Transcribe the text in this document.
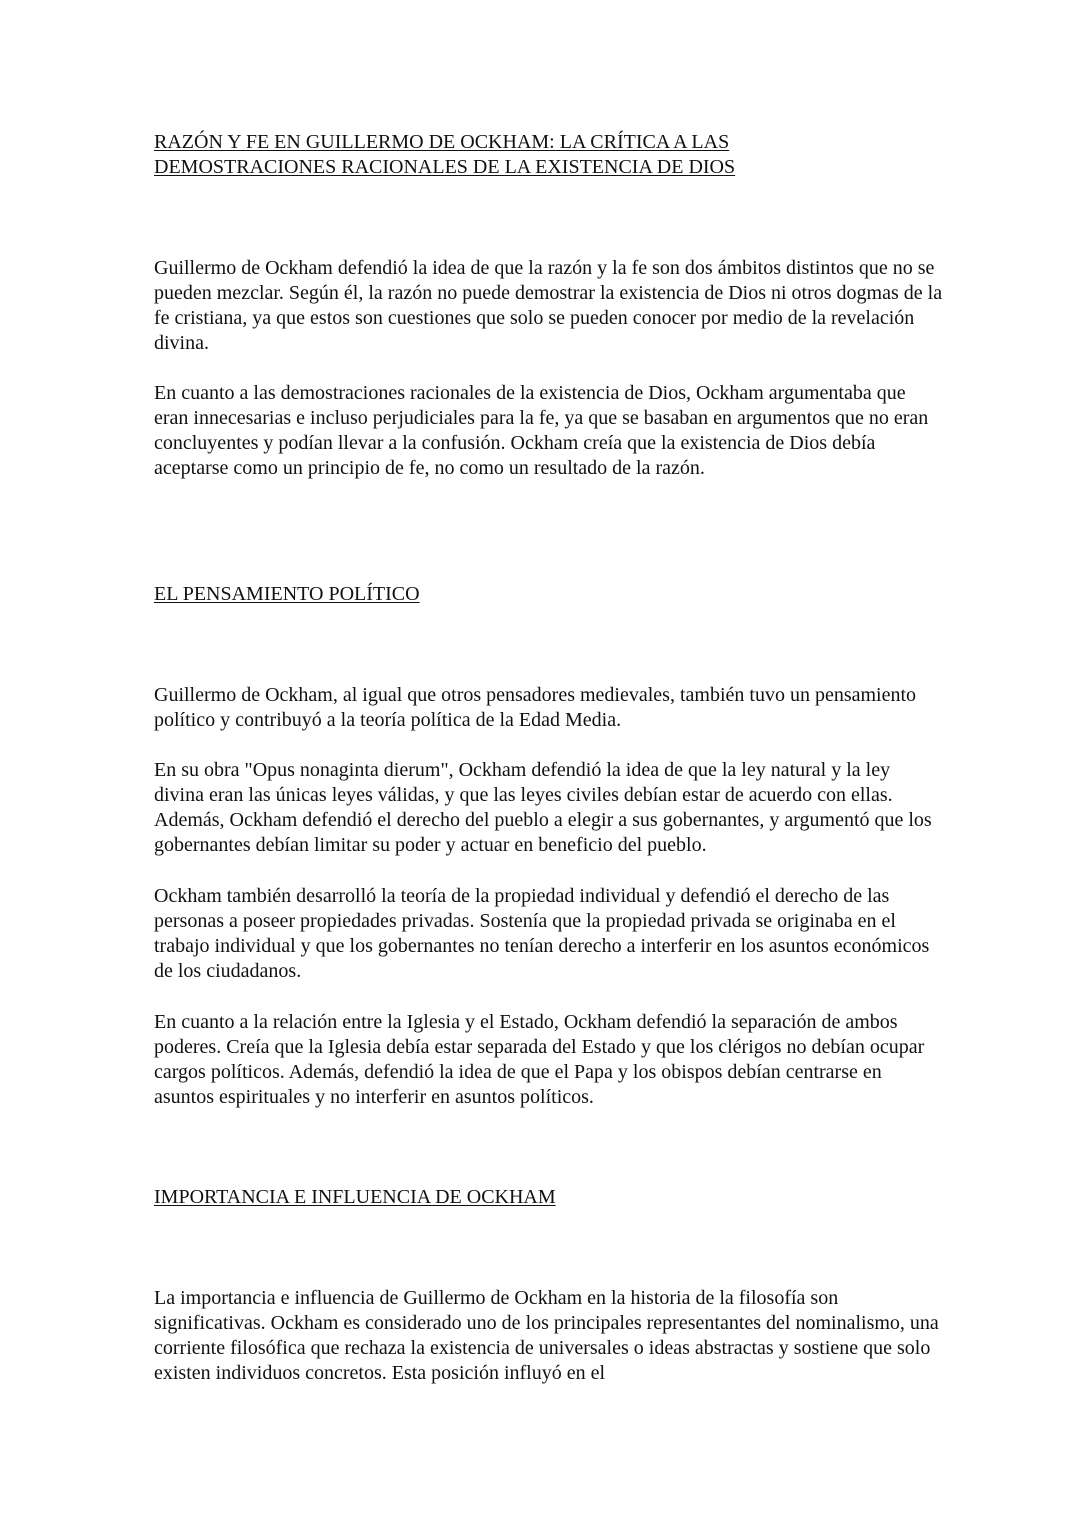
RAZÓN Y FE EN GUILLERMO DE OCKHAM: LA CRÍTICA A LAS
DEMOSTRACIONES RACIONALES DE LA EXISTENCIA DE DIOS

Guillermo de Ockham defendió la idea de que la razón y la fe son dos ámbitos distintos que no se pueden mezclar. Según él, la razón no puede demostrar la existencia de Dios ni otros dogmas de la fe cristiana, ya que estos son cuestiones que solo se pueden conocer por medio de la revelación divina.

En cuanto a las demostraciones racionales de la existencia de Dios, Ockham argumentaba que eran innecesarias e incluso perjudiciales para la fe, ya que se basaban en argumentos que no eran concluyentes y podían llevar a la confusión. Ockham creía que la existencia de Dios debía aceptarse como un principio de fe, no como un resultado de la razón.

EL PENSAMIENTO POLÍTICO

Guillermo de Ockham, al igual que otros pensadores medievales, también tuvo un pensamiento político y contribuyó a la teoría política de la Edad Media.

En su obra "Opus nonaginta dierum", Ockham defendió la idea de que la ley natural y la ley divina eran las únicas leyes válidas, y que las leyes civiles debían estar de acuerdo con ellas. Además, Ockham defendió el derecho del pueblo a elegir a sus gobernantes, y argumentó que los gobernantes debían limitar su poder y actuar en beneficio del pueblo.

Ockham también desarrolló la teoría de la propiedad individual y defendió el derecho de las personas a poseer propiedades privadas. Sostenía que la propiedad privada se originaba en el trabajo individual y que los gobernantes no tenían derecho a interferir en los asuntos económicos de los ciudadanos.

En cuanto a la relación entre la Iglesia y el Estado, Ockham defendió la separación de ambos poderes. Creía que la Iglesia debía estar separada del Estado y que los clérigos no debían ocupar cargos políticos. Además, defendió la idea de que el Papa y los obispos debían centrarse en asuntos espirituales y no interferir en asuntos políticos.

IMPORTANCIA E INFLUENCIA DE OCKHAM

La importancia e influencia de Guillermo de Ockham en la historia de la filosofía son significativas. Ockham es considerado uno de los principales representantes del nominalismo, una corriente filosófica que rechaza la existencia de universales o ideas abstractas y sostiene que solo existen individuos concretos. Esta posición influyó en el
